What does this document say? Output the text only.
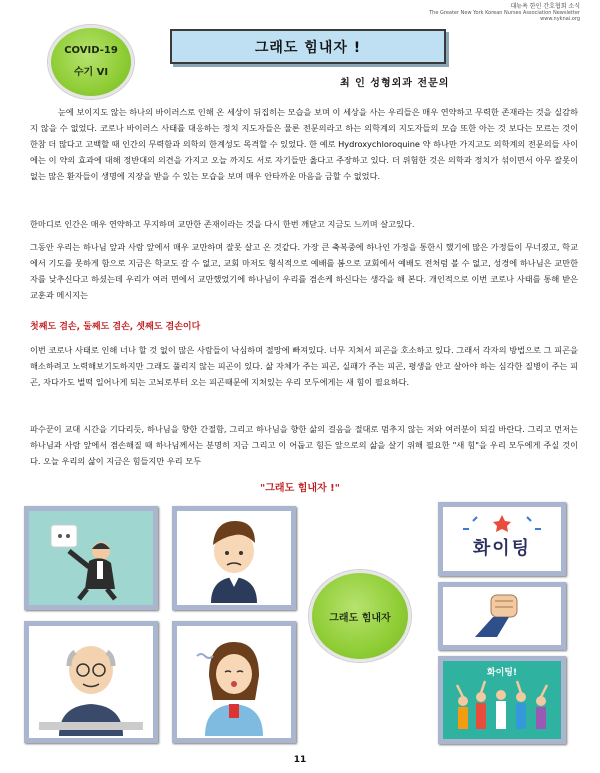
대뉴욕 한인 간호협회 소식
The Greater New York Korean Nurses Association Newsletter
www.nyknai.org
COVID-19
수기 VI
그래도 힘내자 !
최 인 성형외과 전문의

눈에 보이지도 않는 하나의 바이러스로 인해 온 세상이 뒤집히는 모습을 보며 이 세상을 사는 우리들은 매우 연약하고 무력한 존재라는 것을 실감하지 않을 수 없었다. 코로나 바이러스 사태를 대응하는 정치 지도자들은 물론 전문의라고 하는 의학계의 지도자들의 모습 또한 아는 것 보다는 모르는 것이 한참 더 많다고 고백할 때 인간의 무력함과 의학의 한계성도 목격할 수 있었다. 한 예로 Hydroxychloroquine 약 하나만 가지고도 의학계의 전문의들 사이에는 이 약의 효과에 대해 정반대의 의견을 가지고 오늘 까지도 서로 자기들만 옳다고 주장하고 있다. 더 위험한 것은 의학과 정치가 섞이면서 아무 잘못이 없는 많은 환자들이 생명에 지장을 받을 수 있는 모습을 보며 매우 안타까운 마음을 금할 수 없었다.

한마디로 인간은 매우 연약하고 무지하며 교만한 존재이라는 것을 다시 한번 깨닫고 지금도 느끼며 살고있다.

그동안 우리는 하나님 앞과 사람 앞에서 매우 교만하며 잘못 살고 온 것같다. 가장 큰 축복중에 하나인 가정을 통한시 했기에 많은 가정들이 무너졌고, 학교에서 기도를 못하게 함으로 지금은 학교도 갈 수 없고, 교회 마저도 형식적으로 예배를 봄으로 교회에서 예배도 전처럼 볼 수 없고, 성경에 하나님은 교만한 자를 낮추신다고 하셨는데 우리가 여러 면에서 교만했었기에 하나님이 우리를 겸손케 하신다는 생각을 해 본다. 개인적으로 이번 코로나 사태를 통해 받은 교훈과 메시지는

첫째도 겸손, 둘째도 겸손, 셋째도 겸손이다

이번 코로나 사태로 인해 너나 할 것 없이 많은 사람들이 낙심하며 절망에 빠져있다. 너무 지쳐서 피곤을 호소하고 있다. 그래서 각자의 방법으로 그 피곤을 해소하려고 노력해보기도하지만 그래도 풀리지 않는 피곤이 있다. 삶 자체가 주는 피곤, 실패가 주는 피곤, 평생을 안고 살아야 하는 심각한 질병이 주는 피곤, 자다가도 벌떡 일어나게 되는 고뇌로부터 오는 피곤때문에 지쳐있는 우리 모두에게는 새 힘이 필요하다.

파수꾼이 교대 시간을 기다리듯, 하나님을 향한 간절함, 그리고 하나님을 향한 삶의 걸음을 절대로 멈추지 않는 저와 여러분이 되길 바란다. 그리고 먼저는 하나님과 사람 앞에서 겸손해질 때 하나님께서는 분명히 지금 그리고 이 어둡고 힘든 앞으로의 삶을 살기 위해 필요한 "새 힘"을 우리 모두에게 주실 것이다. 오늘 우리의 삶이 지금은 힘들지만 우리 모두

"그래도 힘내자 !"
그래도 힘내자
화이팅
화이팅!
11
